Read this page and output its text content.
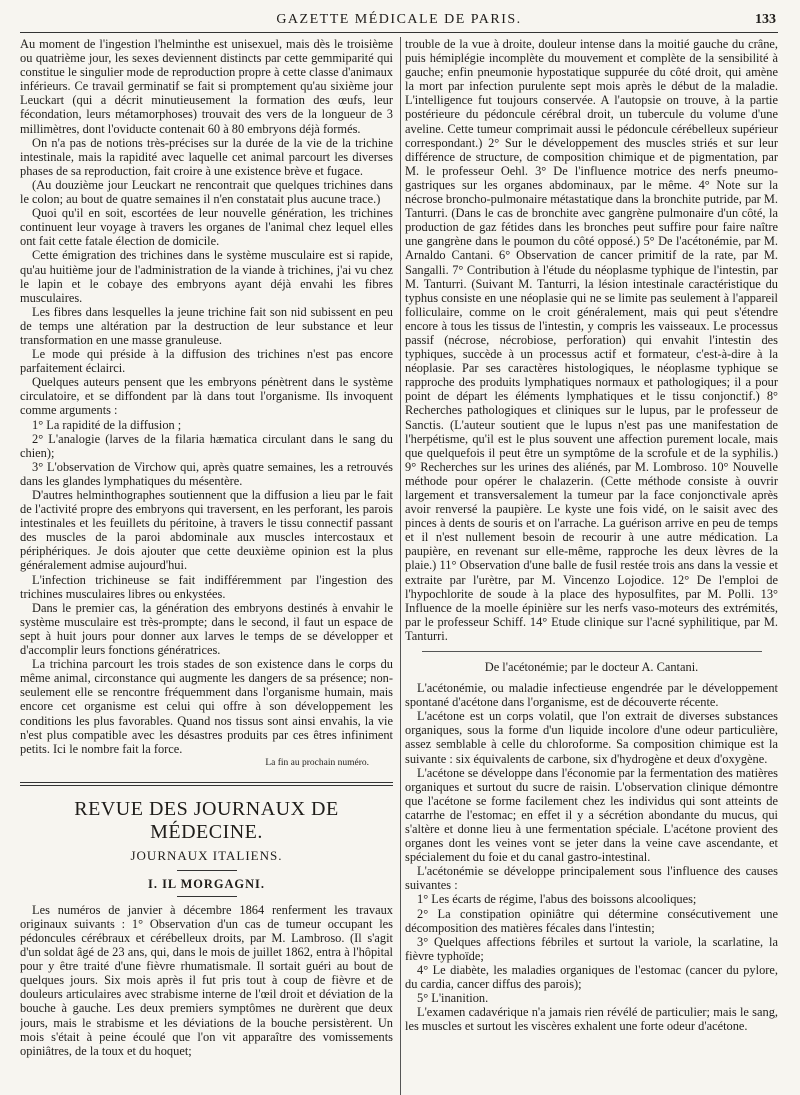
GAZETTE MÉDICALE DE PARIS.	133

Au moment de l'ingestion l'helminthe est unisexuel, mais dès le troisième ou quatrième jour, les sexes deviennent distincts par cette gemmiparité qui constitue le singulier mode de reproduction propre à cette classe d'animaux inférieurs. Ce travail germinatif se fait si promptement qu'au sixième jour Leuckart (qui a décrit minutieusement la formation des œufs, leur fécondation, leurs métamorphoses) trouvait des vers de la longueur de 3 millimètres, dont l'oviducte contenait 60 à 80 embryons déjà formés.

On n'a pas de notions très-précises sur la durée de la vie de la trichine intestinale, mais la rapidité avec laquelle cet animal parcourt les diverses phases de sa reproduction, fait croire à une existence brève et fugace.

(Au douzième jour Leuckart ne rencontrait que quelques trichines dans le colon; au bout de quatre semaines il n'en constatait plus aucune trace.)

Quoi qu'il en soit, escortées de leur nouvelle génération, les trichines continuent leur voyage à travers les organes de l'animal chez lequel elles ont fait cette fatale élection de domicile.

Cette émigration des trichines dans le système musculaire est si rapide, qu'au huitième jour de l'administration de la viande à trichines, j'ai vu chez le lapin et le cobaye des embryons ayant déjà envahi les fibres musculaires.

Les fibres dans lesquelles la jeune trichine fait son nid subissent en peu de temps une altération par la destruction de leur substance et leur transformation en une masse granuleuse.

Le mode qui préside à la diffusion des trichines n'est pas encore parfaitement éclairci.

Quelques auteurs pensent que les embryons pénètrent dans le système circulatoire, et se diffondent par là dans tout l'organisme. Ils invoquent comme arguments :

1° La rapidité de la diffusion ;

2° L'analogie (larves de la filaria hæmatica circulant dans le sang du chien);

3° L'observation de Virchow qui, après quatre semaines, les a retrouvés dans les glandes lymphatiques du mésentère.

D'autres helminthographes soutiennent que la diffusion a lieu par le fait de l'activité propre des embryons qui traversent, en les perforant, les parois intestinales et les feuillets du péritoine, à travers le tissu connectif passant des muscles de la paroi abdominale aux muscles intercostaux et périphériques. Je dois ajouter que cette deuxième opinion est la plus généralement admise aujourd'hui.

L'infection trichineuse se fait indifféremment par l'ingestion des trichines musculaires libres ou enkystées.

Dans le premier cas, la génération des embryons destinés à envahir le système musculaire est très-prompte; dans le second, il faut un espace de sept à huit jours pour donner aux larves le temps de se développer et d'accomplir leurs fonctions génératrices.

La trichina parcourt les trois stades de son existence dans le corps du même animal, circonstance qui augmente les dangers de sa présence; non-seulement elle se rencontre fréquemment dans l'organisme humain, mais encore cet organisme est celui qui offre à son développement les conditions les plus favorables. Quand nos tissus sont ainsi envahis, la vie n'est plus compatible avec les désastres produits par ces êtres infiniment petits. Ici le nombre fait la force.

La fin au prochain numéro.
REVUE DES JOURNAUX DE MÉDECINE.
JOURNAUX ITALIENS.
I. IL MORGAGNI.

Les numéros de janvier à décembre 1864 renferment les travaux originaux suivants : 1° Observation d'un cas de tumeur occupant les pédoncules cérébraux et cérébelleux droits, par M. Lambroso. (Il s'agit d'un soldat âgé de 23 ans, qui, dans le mois de juillet 1862, entra à l'hôpital pour y être traité d'une fièvre rhumatismale. Il sortait guéri au bout de quelques jours. Six mois après il fut pris tout à coup de fièvre et de douleurs articulaires avec strabisme interne de l'œil droit et déviation de la bouche à gauche. Les deux premiers symptômes ne durèrent que deux jours, mais le strabisme et les déviations de la bouche persistèrent. Un mois s'était à peine écoulé que l'on vit apparaître des vomissements opiniâtres, de la toux et du hoquet;

trouble de la vue à droite, douleur intense dans la moitié gauche du crâne, puis hémiplégie incomplète du mouvement et complète de la sensibilité à gauche; enfin pneumonie hypostatique suppurée du côté droit, qui amène la mort par infection purulente sept mois après le début de la maladie. L'intelligence fut toujours conservée. A l'autopsie on trouve, à la partie postérieure du pédoncule cérébral droit, un tubercule du volume d'une aveline. Cette tumeur comprimait aussi le pédoncule cérébelleux supérieur correspondant.) 2° Sur le développement des muscles striés et sur leur différence de structure, de composition chimique et de pigmentation, par M. le professeur Oehl. 3° De l'influence motrice des nerfs pneumo-gastriques sur les organes abdominaux, par le même. 4° Note sur la nécrose broncho-pulmonaire métastatique dans la bronchite putride, par M. Tanturri. (Dans le cas de bronchite avec gangrène pulmonaire d'un côté, la production de gaz fétides dans les bronches peut suffire pour faire naître une gangrène dans le poumon du côté opposé.) 5° De l'acétonémie, par M. Arnaldo Cantani. 6° Observation de cancer primitif de la rate, par M. Sangalli. 7° Contribution à l'étude du néoplasme typhique de l'intestin, par M. Tanturri. (Suivant M. Tanturri, la lésion intestinale caractéristique du typhus consiste en une néoplasie qui ne se limite pas seulement à l'appareil folliculaire, comme on le croit généralement, mais qui peut s'étendre encore à tous les tissus de l'intestin, y compris les vaisseaux. Le processus passif (nécrose, nécrobiose, perforation) qui envahit l'intestin des typhiques, succède à un processus actif et formateur, c'est-à-dire à la néoplasie. Par ses caractères histologiques, le néoplasme typhique se rapproche des produits lymphatiques normaux et pathologiques; il a pour point de départ les éléments lymphatiques et le tissu conjonctif.) 8° Recherches pathologiques et cliniques sur le lupus, par le professeur de Sanctis. (L'auteur soutient que le lupus n'est pas une manifestation de l'herpétisme, qu'il est le plus souvent une affection purement locale, mais que quelquefois il peut être un symptôme de la scrofule et de la syphilis.) 9° Recherches sur les urines des aliénés, par M. Lombroso. 10° Nouvelle méthode pour opérer le chalazerin. (Cette méthode consiste à ouvrir largement et transversalement la tumeur par la face conjonctivale après avoir renversé la paupière. Le kyste une fois vidé, on le saisit avec des pinces à dents de souris et on l'arrache. La guérison arrive en peu de temps et il n'est nullement besoin de recourir à une autre médication. La paupière, en revenant sur elle-même, rapproche les deux lèvres de la plaie.) 11° Observation d'une balle de fusil restée trois ans dans la vessie et extraite par l'urètre, par M. Vincenzo Lojodice. 12° De l'emploi de l'hypochlorite de soude à la place des hyposulfites, par M. Polli. 13° Influence de la moelle épinière sur les nerfs vaso-moteurs des extrémités, par le professeur Schiff. 14° Etude clinique sur l'acné syphilitique, par M. Tanturri.

De l'acétonémie; par le docteur A. Cantani.

L'acétonémie, ou maladie infectieuse engendrée par le développement spontané d'acétone dans l'organisme, est de découverte récente.

L'acétone est un corps volatil, que l'on extrait de diverses substances organiques, sous la forme d'un liquide incolore d'une odeur particulière, assez semblable à celle du chloroforme. Sa composition chimique est la suivante : six équivalents de carbone, six d'hydrogène et deux d'oxygène.

L'acétone se développe dans l'économie par la fermentation des matières organiques et surtout du sucre de raisin. L'observation clinique démontre que l'acétone se forme facilement chez les individus qui sont atteints de catarrhe de l'estomac; en effet il y a sécrétion abondante du mucus, qui s'altère et donne lieu à une fermentation spéciale. L'acétone provient des organes dont les veines vont se jeter dans la veine cave ascendante, et spécialement du foie et du canal gastro-intestinal.

L'acétonémie se développe principalement sous l'influence des causes suivantes :

1° Les écarts de régime, l'abus des boissons alcooliques;

2° La constipation opiniâtre qui détermine consécutivement une décomposition des matières fécales dans l'intestin;

3° Quelques affections fébriles et surtout la variole, la scarlatine, la fièvre typhoïde;

4° Le diabète, les maladies organiques de l'estomac (cancer du pylore, du cardia, cancer diffus des parois);

5° L'inanition.

L'examen cadavérique n'a jamais rien révélé de particulier; mais le sang, les muscles et surtout les viscères exhalent une forte odeur d'acétone.
